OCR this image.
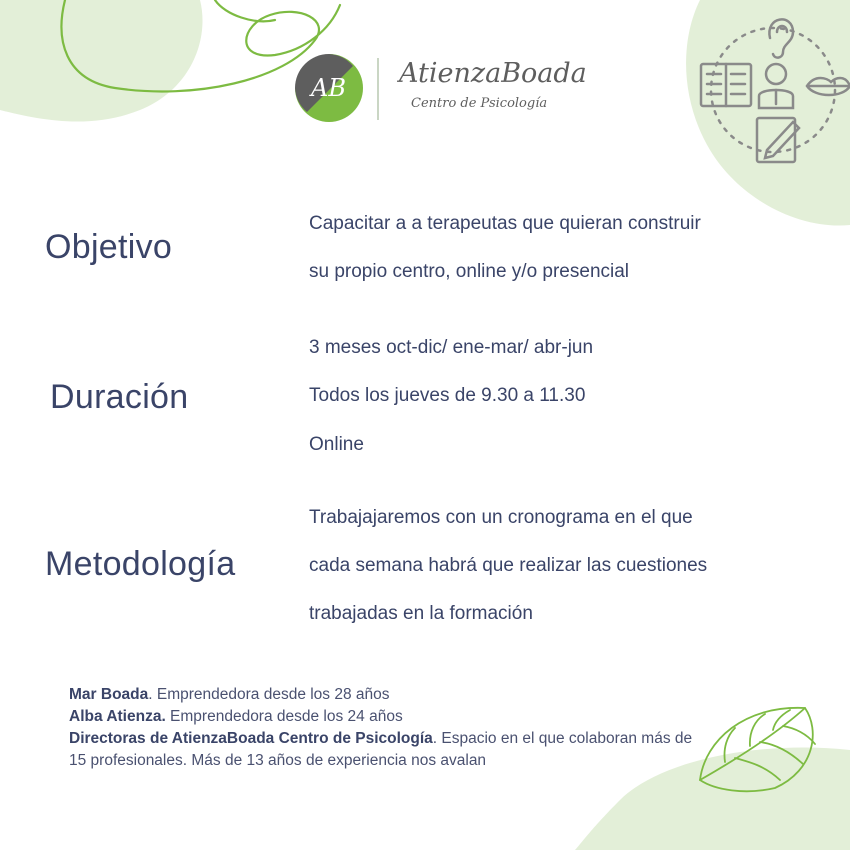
AB AtienzaBoada
Centro de Psicología
Objetivo
Capacitar a a terapeutas que quieran construir
su propio centro, online y/o presencial
Duración
3 meses oct-dic/ ene-mar/ abr-jun
Todos los jueves de 9.30 a 11.30
Online
Metodología
Trabajajaremos con un cronograma en el que
cada semana habrá que realizar las cuestiones
trabajadas en la formación
Mar Boada. Emprendedora desde los 28 años
Alba Atienza. Emprendedora desde los 24 años
Directoras de AtienzaBoada Centro de Psicología. Espacio en el que colaboran más de 15 profesionales. Más de 13 años de experiencia nos avalan
